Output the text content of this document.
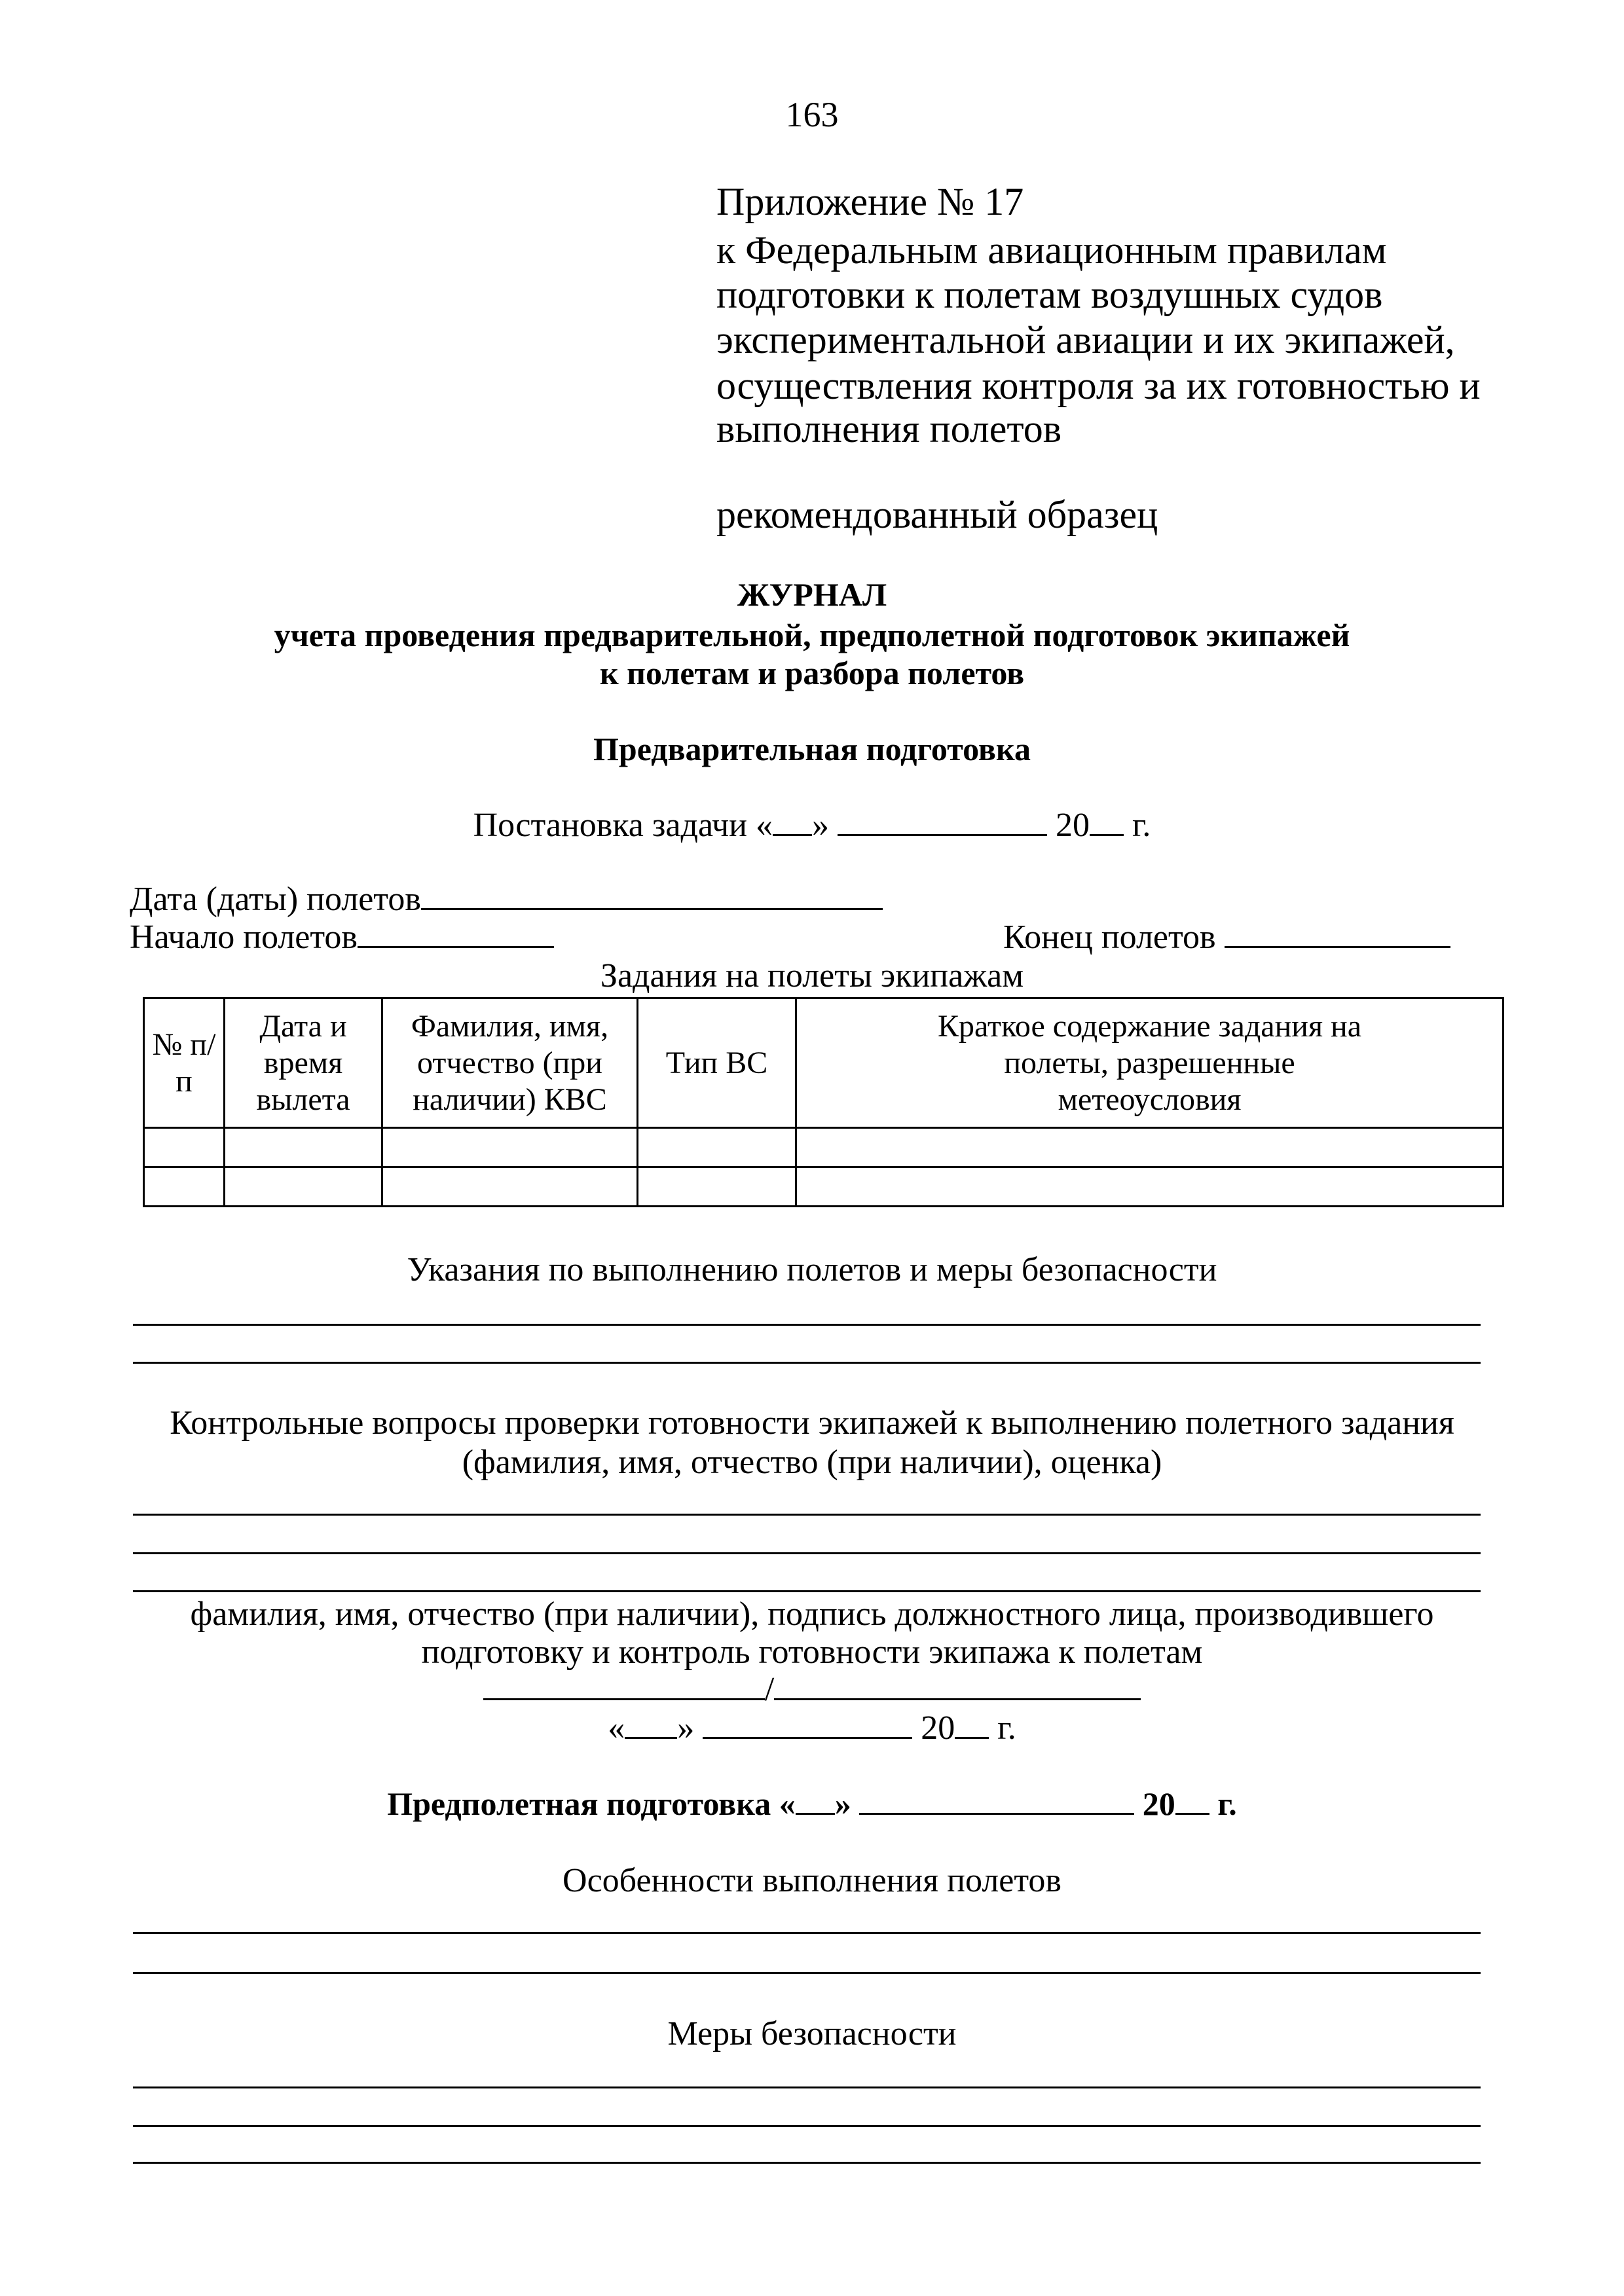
163
Приложение № 17
к Федеральным авиационным правилам
подготовки к полетам воздушных судов
экспериментальной авиации и их экипажей,
осуществления контроля за их готовностью и
выполнения полетов
рекомендованный образец
ЖУРНАЛ
учета проведения предварительной, предполетной подготовок экипажей
к полетам и разбора полетов
Предварительная подготовка
Постановка задачи « »	20 г.
Дата (даты) полетов
Начало полетов	Конец полетов
Задания на полеты экипажам
№ п/п	Дата и время вылета	Фамилия, имя, отчество (при наличии) КВС	Тип ВС	Краткое содержание задания на полеты, разрешенные метеоусловия

Указания по выполнению полетов и меры безопасности
Контрольные вопросы проверки готовности экипажей к выполнению полетного задания
(фамилия, имя, отчество (при наличии), оценка)
фамилия, имя, отчество (при наличии), подпись должностного лица, производившего
подготовку и контроль готовности экипажа к полетам
/
« »	20 г.
Предполетная подготовка « »	20 г.
Особенности выполнения полетов
Меры безопасности
